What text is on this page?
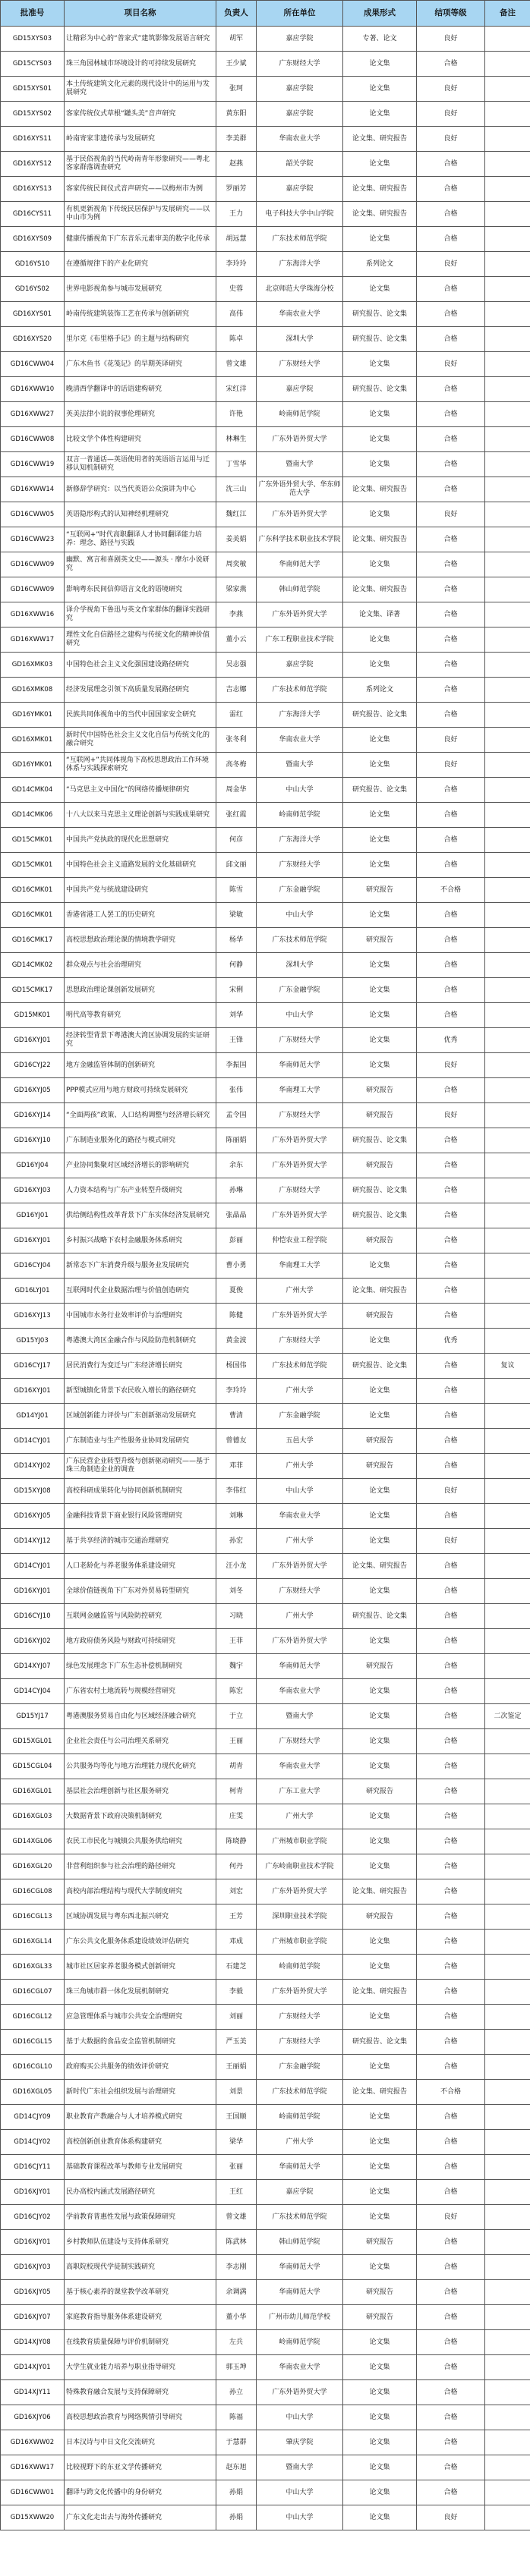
批准号	项目名称	负责人	所在单位	成果形式	结项等级	备注
GD15XYS03	让精彩为中心的“普家式”建筑影像发展语言研究	胡军	嘉应学院	专著、论文	良好	
GD15CYS03	珠三角园林城市环境设计的可持续发展研究	王少斌	广东财经大学	论文集	合格	
GD15XYS01	本土传统建筑文化元素的现代设计中的运用与发展研究	张珂	嘉应学院	论文集	良好	
GD15XYS02	客家传统仪式草根“罐头美”音声研究	黄东阳	嘉应学院	论文集	良好	
GD16XYS11	岭南寄家非遗传承与发展研究	李美群	华南农业大学	论文集、研究报告	良好	
GD16XYS12	基于民俗视角的当代岭南青年形象研究——粤北客家群落调查研究	赵燕	韶关学院	论文集	合格	
GD16XYS13	客家传统民间仪式音声研究——以梅州市为例	罗丽芳	嘉应学院	论文集、研究报告	合格	
GD16CYS11	有机更新视角下传统民居保护与发展研究——以中山市为例	王力	电子科技大学中山学院	论文集、研究报告	合格	
GD16XYS09	健康传播视角下广东音乐元素审美的数字化传承	胡远慧	广东技术师范学院	论文集	合格	
GD16YS10	在遵循规律下的产业化研究	李玲玲	广东海洋大学	系列论文	良好	
GD16YS02	世界电影视角参与城市发展研究	史蓉	北京师范大学珠海分校	论文集	合格	
GD16XYS01	岭南传统建筑装饰工艺在传承与创新研究	高伟	华南农业大学	研究报告、论文集	合格	
GD16XYS20	里尔克《布里格手记》的主题与结构研究	陈卓	深圳大学	研究报告、论文集	合格	
GD16CWW04	广东木鱼书《花笺记》的早期英译研究	曾文雄	广东财经大学	论文集	良好	
GD16XWW10	晚清西学翻译中的话语建构研究	宋红洋	嘉应学院	研究报告、论文集	合格	
GD16XWW27	英美法律小说的叙事伦理研究	许艳	岭南师范学院	论文集	合格	
GD16CWW08	比较文学个体性构建研究	林琳生	广东外语外贸大学	论文集	合格	
GD16CWW19	双言一普通话—英语使用者的英语语言运用与迁移认知机制研究	丁雪华	暨南大学	论文集	合格	
GD16XWW14	新修辞学研究：以当代英语公众演讲为中心	沈三山	广东外语外贸大学、华东师范大学	论文集、研究报告	合格	
GD16CWW05	英语隐形构式的认知神经机理研究	魏红江	广东外语外贸大学	论文集	良好	
GD16CWW23	“互联网+”时代高职翻译人才协同翻译能力培养：理念、路径与实践	姜美娟	广东科学技术职业技术学院	论文集、研究报告	合格	
GD16CWW09	幽默、寓言和喜剧英文史——源头 · 摩尔小说研究	周奕敏	华南师范大学	论文集	合格	
GD16CWW09	影响粤东民间信仰语言文化的语境研究	梁家燕	韩山师范学院	论文集、研究报告	合格	
GD16XWW16	译介学视角下鲁迅与英文作家群体的翻译实践研究	李燕	广东外语外贸大学	论文集、译著	合格	
GD16XWW17	理性文化自信路径之建构与传统文化的精神价值研究	董小云	广东工程职业技术学院	论文集	合格	
GD16XMK03	中国特色社会主义文化强国建设路径研究	吴志强	嘉应学院	论文集	合格	
GD16XMK08	经济发展理念引领下高质量发展路径研究	吉志娜	广东技术师范学院	系列论文	合格	
GD16YMK01	民族共同体视角中的当代中国国家安全研究	雷红	广东海洋大学	研究报告、论文集	合格	
GD16XMK01	新时代中国特色社会主义文化自信与传统文化的融合研究	张冬利	华南农业大学	论文集	良好	
GD16YMK01	“互联网+”共同体视角下高校思想政治工作环境体系与实践探索研究	高冬梅	暨南大学	论文集	良好	
GD14CMK04	“马克思主义中国化”的网络传播规律研究	周金华	中山大学	研究报告、论文集	合格	
GD14CMK06	十八大以来马克思主义理论创新与实践成果研究	张红霞	岭南师范学院	论文集	合格	
GD15CMK01	中国共产党执政的现代化思想研究	何彦	广东海洋大学	论文集	合格	
GD15CMK01	中国特色社会主义道路发展的文化基础研究	邱文丽	广东财经大学	论文集	合格	
GD16CMK01	中国共产党与统战建设研究	陈雪	广东金融学院	研究报告	不合格	
GD16CMK01	香港省港工人罢工的历史研究	梁敏	中山大学	论文集	合格	
GD16CMK17	高校思想政治理论课的情境教学研究	杨华	广东技术师范学院	研究报告	合格	
GD14CMK02	群众观点与社会治理研究	何静	深圳大学	论文集	合格	
GD15CMK17	思想政治理论课创新发展研究	宋俐	广东金融学院	论文集	合格	
GD15MK01	明代高等教育研究	刘华	中山大学	论文集	合格	
GD16XYJ01	经济转型背景下粤港澳大湾区协调发展的实证研究	王锋	广东财经大学	论文集	优秀	
GD16CYJ22	地方金融监管体制的创新研究	李振国	华南师范大学	论文集	良好	
GD16XYJ05	PPP模式应用与地方财政可持续发展研究	张伟	华南理工大学	研究报告	合格	
GD16XYJ14	“全面两孩”政策、人口结构调整与经济增长研究	孟令国	广东财经大学	研究报告	良好	
GD16XYJ10	广东制造业服务化的路径与模式研究	陈丽娟	广东外语外贸大学	研究报告、论文集	合格	
GD16YJ04	产业协同集聚对区域经济增长的影响研究	余东	广东外语外贸大学	研究报告	合格	
GD16XYJ03	人力资本结构与广东产业转型升级研究	孙琳	广东财经大学	研究报告、论文集	合格	
GD16YJ01	供给侧结构性改革背景下广东实体经济发展研究	张晶晶	广东外语外贸大学	研究报告、论文集	合格	
GD16XYJ01	乡村振兴战略下农村金融服务体系研究	彭丽	仲恺农业工程学院	研究报告	合格	
GD16CYJ04	新常态下广东消费升级与服务业发展研究	曹小勇	华南理工大学	论文集	合格	
GD16LYJ01	互联网时代企业数据治理与价值创造研究	夏俊	广州大学	论文集、研究报告	合格	
GD16XYJ13	中国城市水务行业效率评价与治理研究	陈健	广东外语外贸大学	研究报告	合格	
GD15YJ03	粤港澳大湾区金融合作与风险防范机制研究	黄金波	广东财经大学	论文集	优秀	
GD16CYJ17	居民消费行为变迁与广东经济增长研究	杨国伟	广东技术师范学院	研究报告、论文集	合格	复议
GD16XYJ01	新型城镇化背景下农民收入增长的路径研究	李玲玲	广州大学	论文集	合格	
GD14YJ01	区域创新能力评价与广东创新驱动发展研究	曹清	广东金融学院	论文集	合格	
GD14CYJ01	广东制造业与生产性服务业协同发展研究	曾德友	五邑大学	研究报告	合格	
GD14XYJ02	广东民营企业转型升级与创新驱动研究——基于珠三角制造企业的调查	邓菲	广州大学	研究报告	合格	
GD15XYJ08	高校科研成果转化与协同创新机制研究	李伟红	中山大学	论文集	良好	
GD16XYJ05	金融科技背景下商业银行风险管理研究	刘琳	华南农业大学	论文集	合格	
GD14XYJ12	基于共享经济的城市交通治理研究	孙宏	广州大学	论文集	良好	
GD14CYJ01	人口老龄化与养老服务体系建设研究	汪小龙	广东外语外贸大学	论文集、研究报告	合格	
GD16XYJ01	全球价值链视角下广东对外贸易转型研究	刘冬	广东财经大学	论文集	合格	
GD16CYJ10	互联网金融监管与风险防控研究	习晓	广州大学	研究报告、论文集	合格	
GD16XYJ02	地方政府债务风险与财政可持续研究	王菲	广东外语外贸大学	论文集	合格	
GD14XYJ07	绿色发展理念下广东生态补偿机制研究	魏宇	华南师范大学	研究报告	合格	
GD14CYJ04	广东省农村土地流转与规模经营研究	陈宏	华南农业大学	论文集	合格	
GD15YJ17	粤港澳服务贸易自由化与区域经济融合研究	于立	暨南大学	论文集	合格	二次鉴定
GD15XGL01	企业社会责任与公司治理关系研究	王丽	广东财经大学	论文集	合格	
GD15CGL04	公共服务均等化与地方治理能力现代化研究	胡青	华南农业大学	论文集	合格	
GD16XGL01	基层社会治理创新与社区服务研究	柯青	广东工业大学	研究报告	合格	
GD16XGL03	大数据背景下政府决策机制研究	庄雯	广州大学	论文集	合格	
GD14XGL06	农民工市民化与城镇公共服务供给研究	陈晓静	广州城市职业学院	论文集	合格	
GD16XGL20	非营利组织参与社会治理的路径研究	何丹	广东岭南职业技术学院	论文集	合格	
GD16CGL08	高校内部治理结构与现代大学制度研究	刘宏	广东外语外贸大学	论文集、研究报告	合格	
GD16CGL13	区域协调发展与粤东西北振兴研究	王芳	深圳职业技术学院	研究报告	合格	
GD16XGL14	广东公共文化服务体系建设绩效评估研究	邓成	广州城市职业学院	论文集	合格	
GD16XGL33	城市社区居家养老服务模式创新研究	石建芝	岭南师范学院	论文集	合格	
GD16CGL07	珠三角城市群一体化发展机制研究	李毅	广东外语外贸大学	论文集、研究报告	合格	
GD16CGL12	应急管理体系与城市公共安全治理研究	刘丽	广东财经大学	论文集	合格	
GD16CGL15	基于大数据的食品安全监管机制研究	严玉美	广东财经大学	研究报告、论文集	合格	
GD16CGL10	政府购买公共服务的绩效评价研究	王丽娟	广东金融学院	论文集	合格	
GD16XGL05	新时代广东社会组织发展与治理研究	刘景	广东技术师范学院	论文集、研究报告	不合格	
GD14CJY09	职业教育产教融合与人才培养模式研究	王国顺	岭南师范学院	论文集	合格	
GD14CJY02	高校创新创业教育体系构建研究	梁华	广州大学	论文集	合格	
GD16CJY11	基础教育课程改革与教师专业发展研究	张丽	华南师范大学	论文集	合格	
GD16XJY01	民办高校内涵式发展路径研究	王红	嘉应学院	论文集	合格	
GD16CJY02	学前教育普惠性发展与政策保障研究	曾文雄	广东技术师范学院	论文集	良好	
GD16XJY01	乡村教师队伍建设与支持体系研究	陈武林	韩山师范学院	研究报告	合格	
GD16XJY03	高职院校现代学徒制实践研究	李志刚	华南师范大学	论文集	合格	
GD16XJY05	基于核心素养的课堂教学改革研究	余调满	华南师范大学	研究报告	合格	
GD16XJY07	家庭教育指导服务体系建设研究	董小华	广州市幼儿师范学校	研究报告	合格	
GD14XJY08	在线教育质量保障与评价机制研究	左兵	岭南师范学院	论文集	合格	
GD14XJY01	大学生就业能力培养与职业指导研究	郭玉坤	华南农业大学	论文集	合格	
GD14XJY11	特殊教育融合发展与支持保障研究	孙立	广东外语外贸大学	论文集	合格	
GD16XJY06	高校思想政治教育与网络舆情引导研究	陈福	中山大学	论文集	合格	
GD16XWW02	日本汉诗与中日文化交流研究	于慧群	肇庆学院	论文集	合格	
GD16XWW17	比较视野下的东亚文学传播研究	赵东旭	暨南大学	论文集	合格	
GD16CWW01	翻译与跨文化传播中的身份研究	孙娟	中山大学	论文集	合格	
GD15XWW20	广东文化走出去与海外传播研究	孙娟	中山大学	论文集	良好	
